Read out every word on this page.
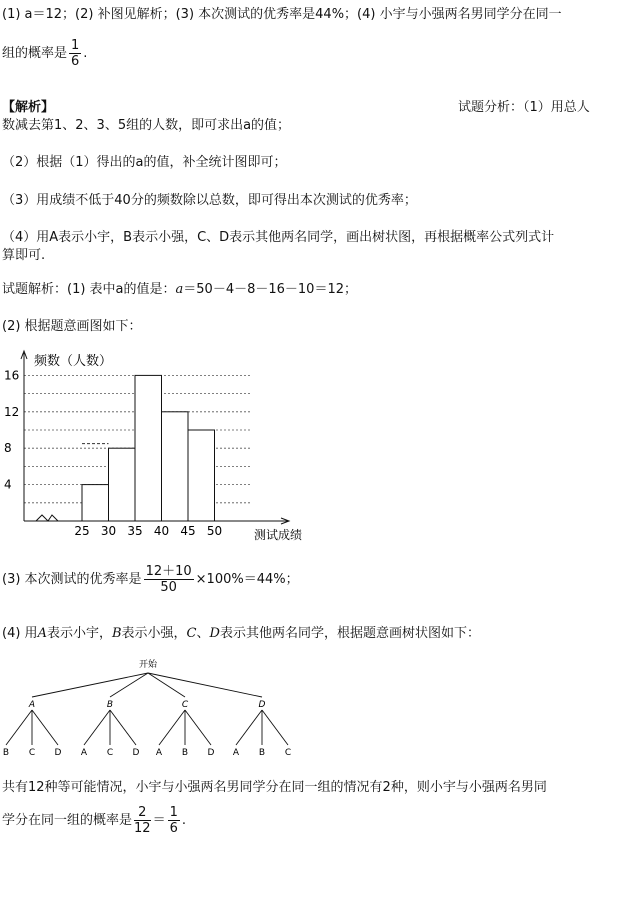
(1) a＝12；(2) 补图见解析；(3) 本次测试的优秀率是44%；(4) 小宇与小强两名男同学分在同一
组的概率是 $\frac{1}{6}$ .
【解析】	试题分析：（1）用总人
数减去第1、2、3、5组的人数，即可求出a的值；
（2）根据（1）得出的a的值，补全统计图即可；
（3）用成绩不低于40分的频数除以总数，即可得出本次测试的优秀率；
（4）用A表示小宇，B表示小强，C、D表示其他两名同学，画出树状图，再根据概率公式列式计
算即可.
试题解析：(1) 表中a的值是：a＝50－4－8－16－10＝12；
(2) 根据题意画图如下：
频数（人数）
4
8
12
16
25 30 35 40 45 50	测试成绩
(3) 本次测试的优秀率是 $\frac{12+10}{50} \times 100\%=44\%$；
(4) 用A表示小宇，B表示小强，C、D表示其他两名同学，根据题意画树状图如下：
开始
A
B C D
B
A C D
C
A B D
D
A B C
共有12种等可能情况，小宇与小强两名男同学分在同一组的情况有2种，则小宇与小强两名男同
学分在同一组的概率是 $\frac{2}{12} = \frac{1}{6}$ .
